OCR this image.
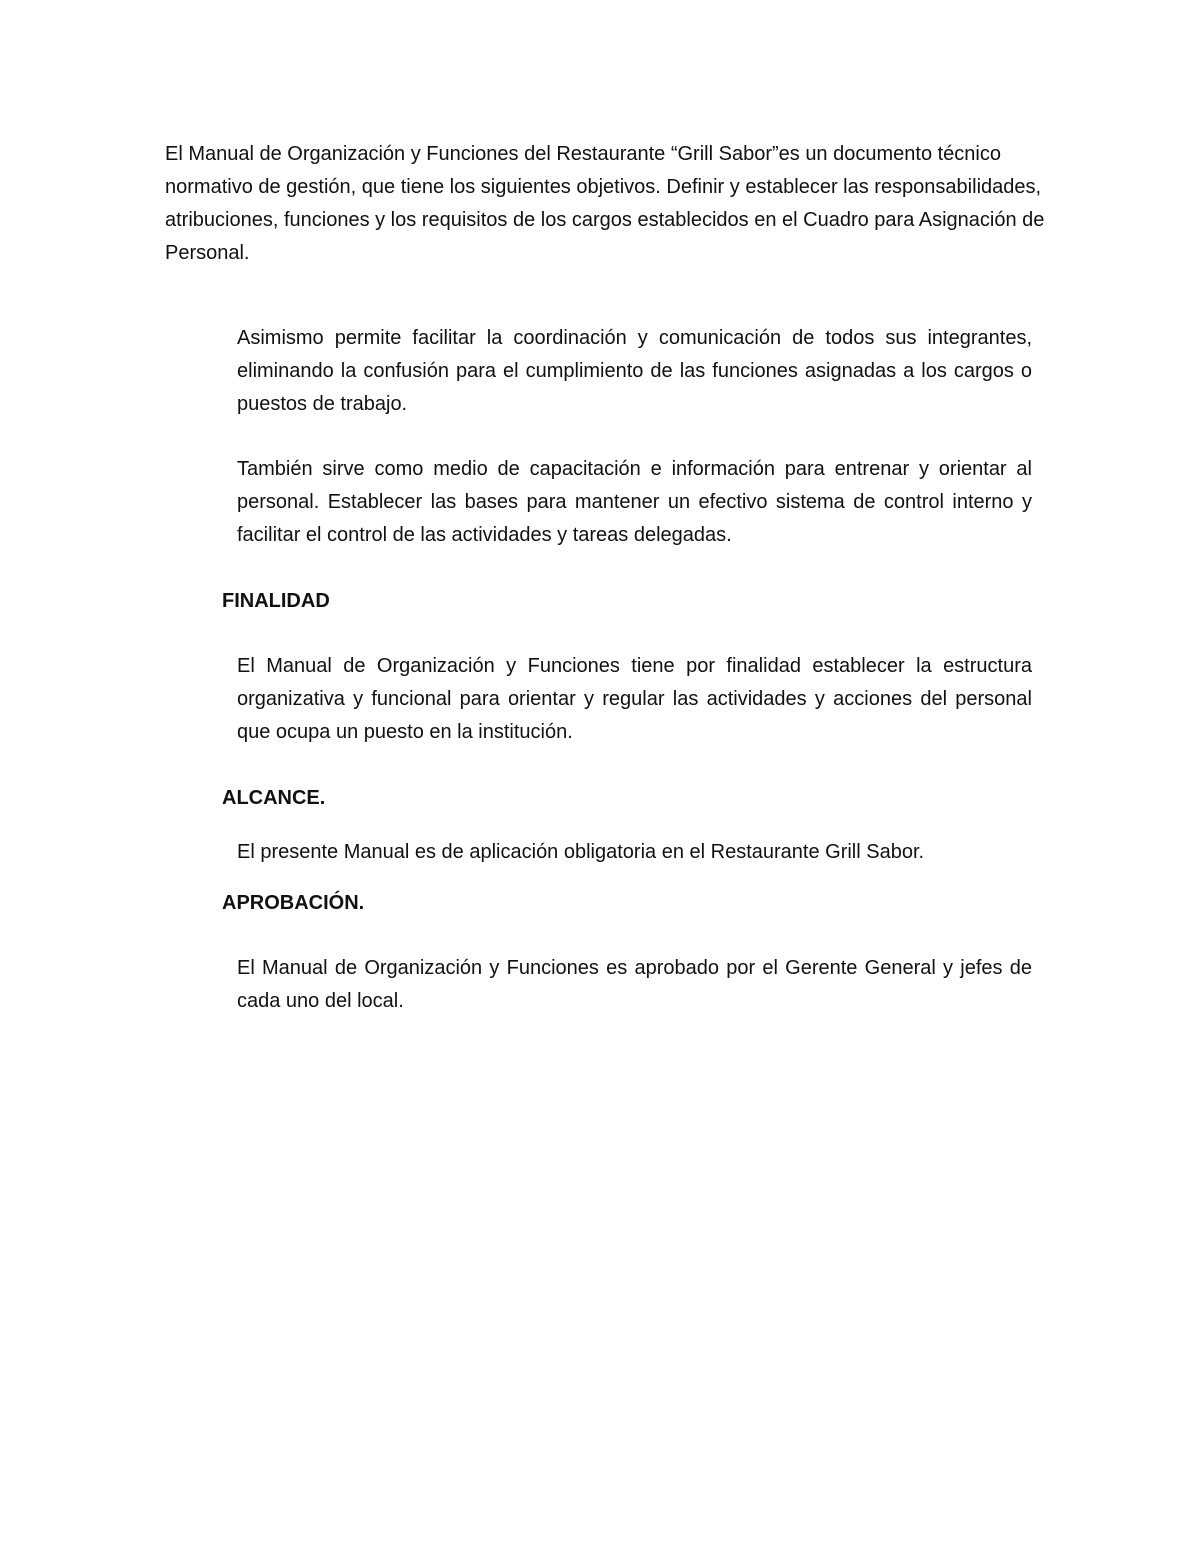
El Manual de Organización y Funciones del Restaurante “Grill Sabor”es un documento técnico normativo de gestión, que tiene los siguientes objetivos. Definir y establecer las responsabilidades, atribuciones, funciones y los requisitos de los cargos establecidos en el Cuadro para Asignación de Personal.

Asimismo permite facilitar la coordinación y comunicación de todos sus integrantes, eliminando la confusión para el cumplimiento de las funciones asignadas a los cargos o puestos de trabajo.

También sirve como medio de capacitación e información para entrenar y orientar al personal. Establecer las bases para mantener un efectivo sistema de control interno y facilitar el control de las actividades y tareas delegadas.

FINALIDAD

El Manual de Organización y Funciones tiene por finalidad establecer la estructura organizativa y funcional para orientar y regular las actividades y acciones del personal que ocupa un puesto en la institución.

ALCANCE.

El presente Manual es de aplicación obligatoria en el Restaurante Grill Sabor.

APROBACIÓN.

El Manual de Organización y Funciones es aprobado por el Gerente General y jefes de cada uno del local.
